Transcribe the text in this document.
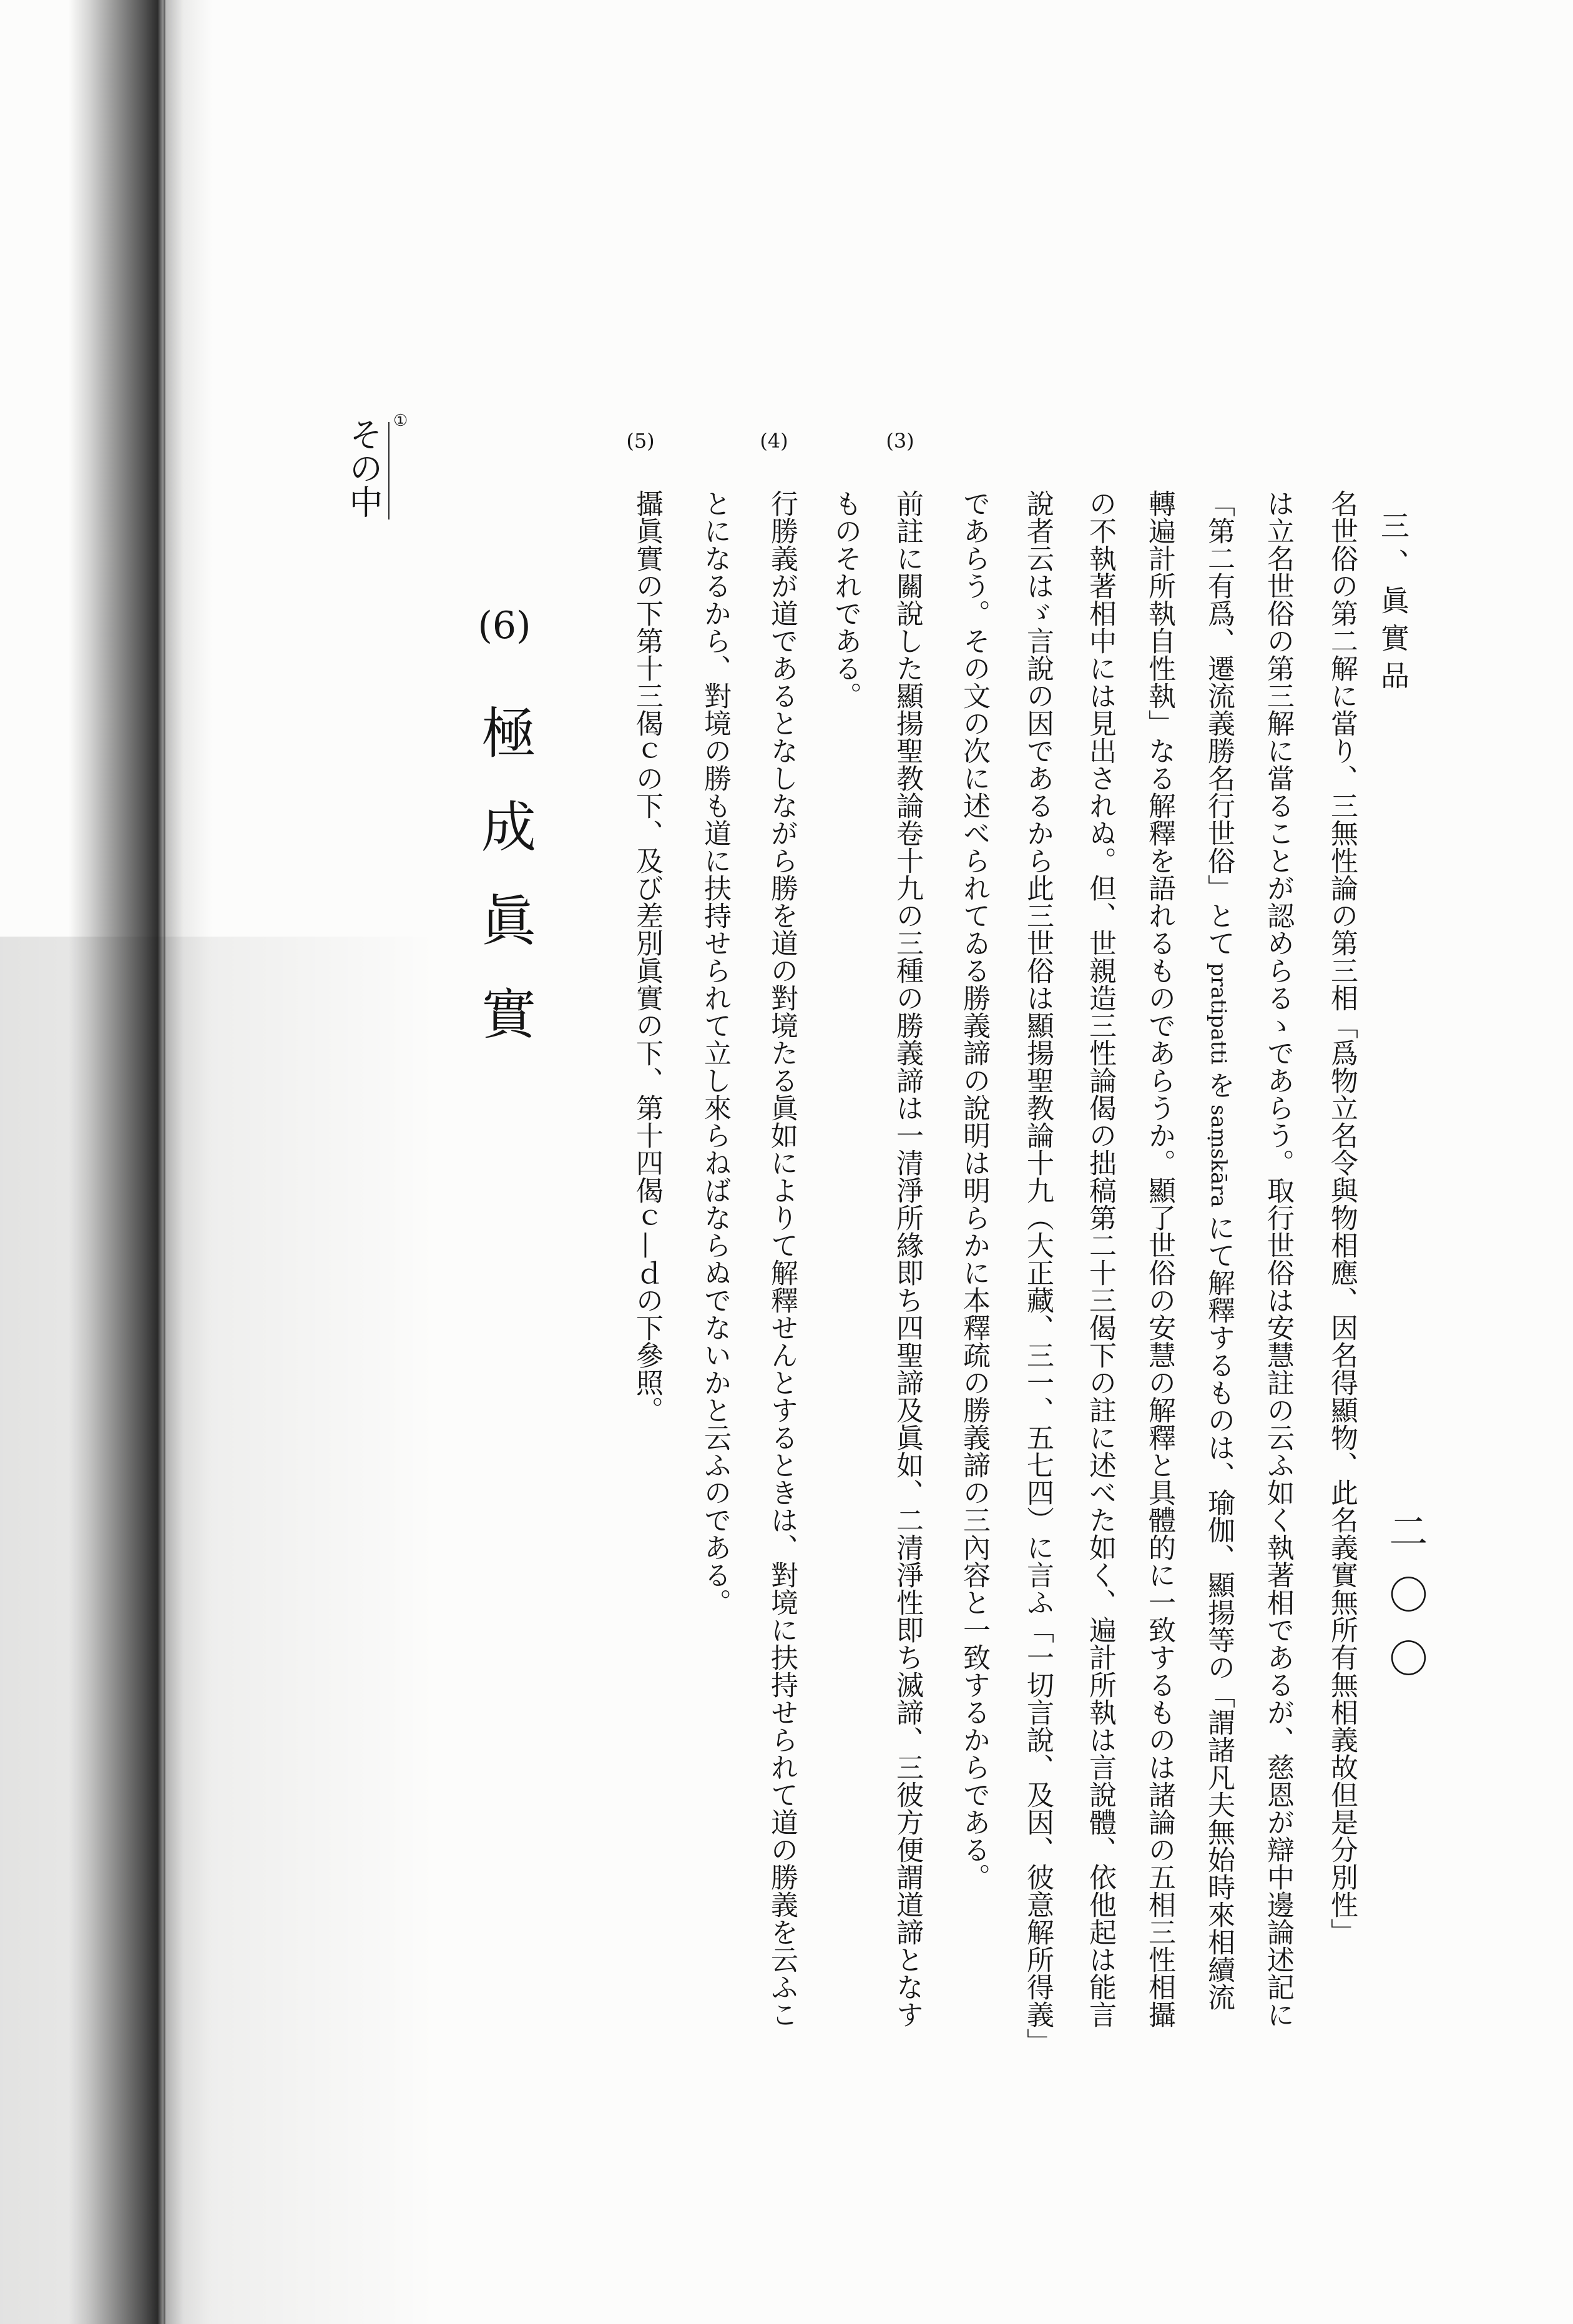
三、眞實品
二〇〇
名世俗の第二解に當り、三無性論の第三相「爲物立名令與物相應、因名得顯物、此名義實無所有無相義故但是分別性」
は立名世俗の第三解に當ることが認めらるゝであらう。取行世俗は安慧註の云ふ如く執著相であるが、慈恩が辯中邊論述記に
「第二有爲、遷流義勝名行世俗」とてpratipattiをsaṃskāraにて解釋するものは、瑜伽、顯揚等の「謂諸凡夫無始時來相續流
轉遍計所執自性執」なる解釋を語れるものであらうか。顯了世俗の安慧の解釋と具體的に一致するものは諸論の五相三性相攝
の不執著相中には見出されぬ。但、世親造三性論偈の拙稿第二十三偈下の註に述べた如く、遍計所執は言說體、依他起は能言
說者云はゞ言說の因であるから此三世俗は顯揚聖教論十九（大正藏、三一、五七四）に言ふ「一切言說、及因、彼意解所得義」
であらう。その文の次に述べられてゐる勝義諦の說明は明らかに本釋疏の勝義諦の三內容と一致するからである。
(3)
前註に關說した顯揚聖教論卷十九の三種の勝義諦は一清淨所緣即ち四聖諦及眞如、二清淨性即ち滅諦、三彼方便謂道諦となす
ものそれである。
(4)
行勝義が道であるとなしながら勝を道の對境たる眞如によりて解釋せんとするときは、對境に扶持せられて道の勝義を云ふこ
とになるから、對境の勝も道に扶持せられて立し來らねばならぬでないかと云ふのである。
(5)
攝眞實の下第十三偈ｃの下、及び差別眞實の下、第十四偈ｃ—ｄの下參照。
(6)
極成眞實
その中 ①
